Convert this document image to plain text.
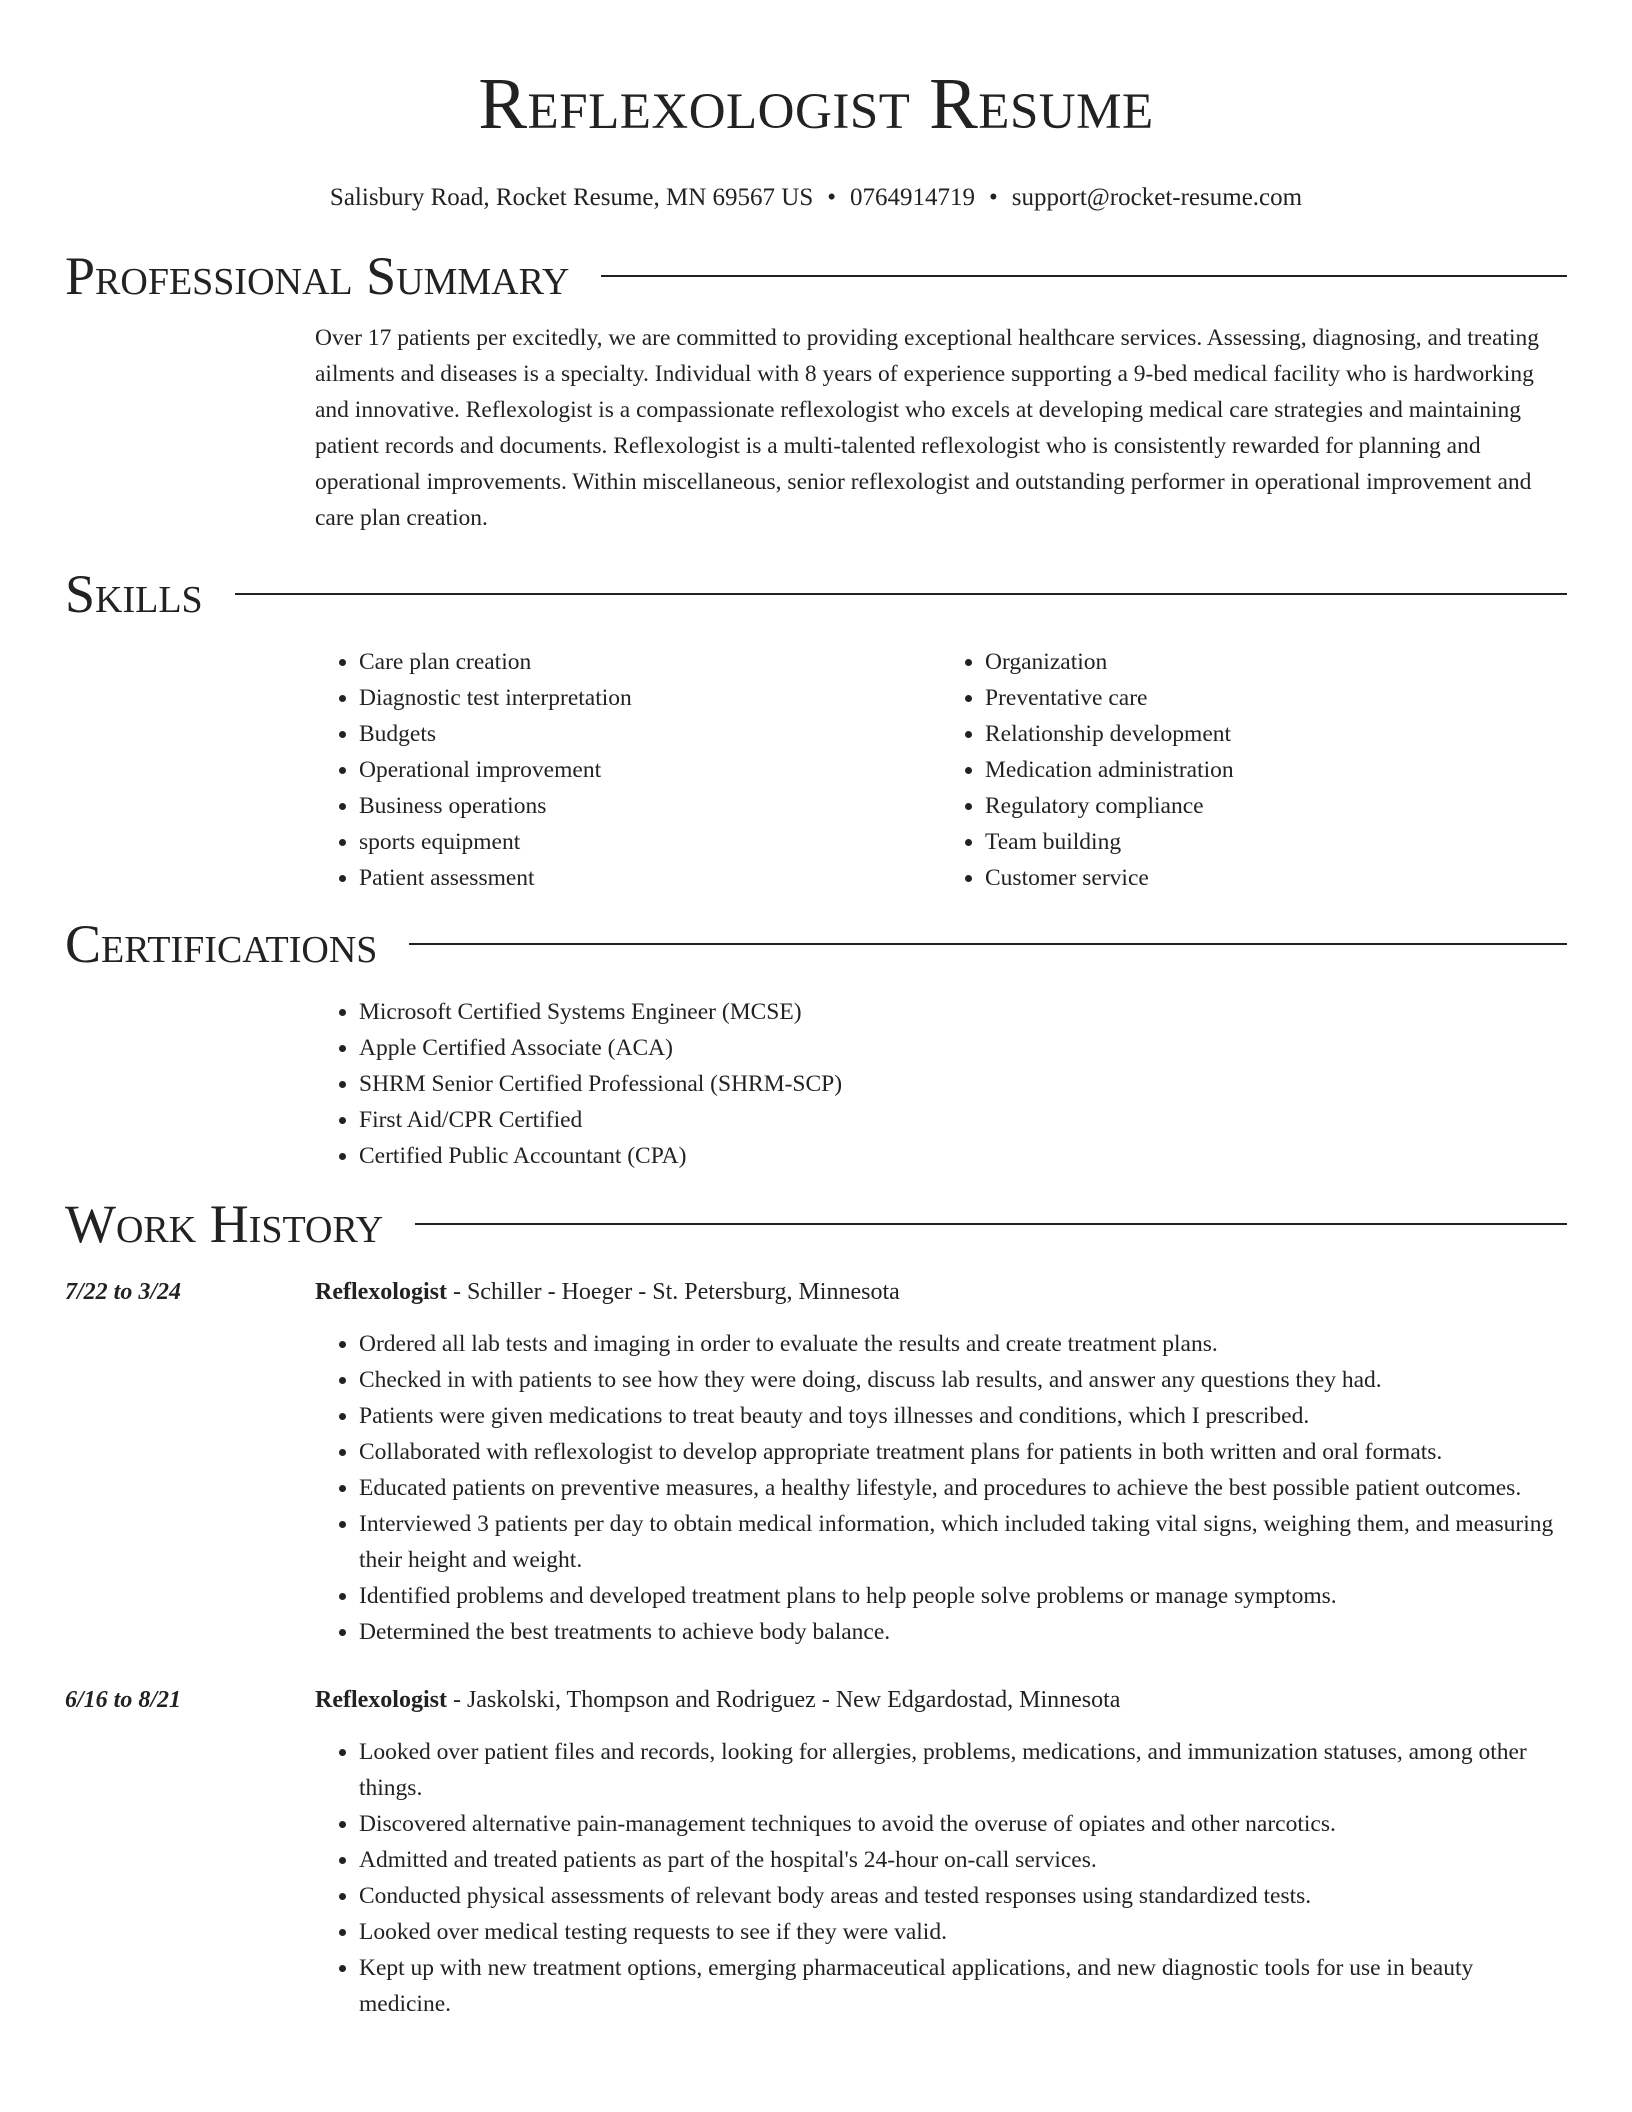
Reflexologist Resume
Salisbury Road, Rocket Resume, MN 69567 US • 0764914719 • support@rocket-resume.com
Professional Summary

Over 17 patients per excitedly, we are committed to providing exceptional healthcare services. Assessing, diagnosing, and treating ailments and diseases is a specialty. Individual with 8 years of experience supporting a 9-bed medical facility who is hardworking and innovative. Reflexologist is a compassionate reflexologist who excels at developing medical care strategies and maintaining patient records and documents. Reflexologist is a multi-talented reflexologist who is consistently rewarded for planning and operational improvements. Within miscellaneous, senior reflexologist and outstanding performer in operational improvement and care plan creation.

Skills
• Care plan creation
• Diagnostic test interpretation
• Budgets
• Operational improvement
• Business operations
• sports equipment
• Patient assessment
• Organization
• Preventative care
• Relationship development
• Medication administration
• Regulatory compliance
• Team building
• Customer service
Certifications
• Microsoft Certified Systems Engineer (MCSE)
• Apple Certified Associate (ACA)
• SHRM Senior Certified Professional (SHRM-SCP)
• First Aid/CPR Certified
• Certified Public Accountant (CPA)
Work History
7/22 to 3/24	Reflexologist - Schiller - Hoeger - St. Petersburg, Minnesota
• Ordered all lab tests and imaging in order to evaluate the results and create treatment plans.
• Checked in with patients to see how they were doing, discuss lab results, and answer any questions they had.
• Patients were given medications to treat beauty and toys illnesses and conditions, which I prescribed.
• Collaborated with reflexologist to develop appropriate treatment plans for patients in both written and oral formats.
• Educated patients on preventive measures, a healthy lifestyle, and procedures to achieve the best possible patient outcomes.
• Interviewed 3 patients per day to obtain medical information, which included taking vital signs, weighing them, and measuring their height and weight.
• Identified problems and developed treatment plans to help people solve problems or manage symptoms.
• Determined the best treatments to achieve body balance.
6/16 to 8/21	Reflexologist - Jaskolski, Thompson and Rodriguez - New Edgardostad, Minnesota
• Looked over patient files and records, looking for allergies, problems, medications, and immunization statuses, among other things.
• Discovered alternative pain-management techniques to avoid the overuse of opiates and other narcotics.
• Admitted and treated patients as part of the hospital's 24-hour on-call services.
• Conducted physical assessments of relevant body areas and tested responses using standardized tests.
• Looked over medical testing requests to see if they were valid.
• Kept up with new treatment options, emerging pharmaceutical applications, and new diagnostic tools for use in beauty medicine.
